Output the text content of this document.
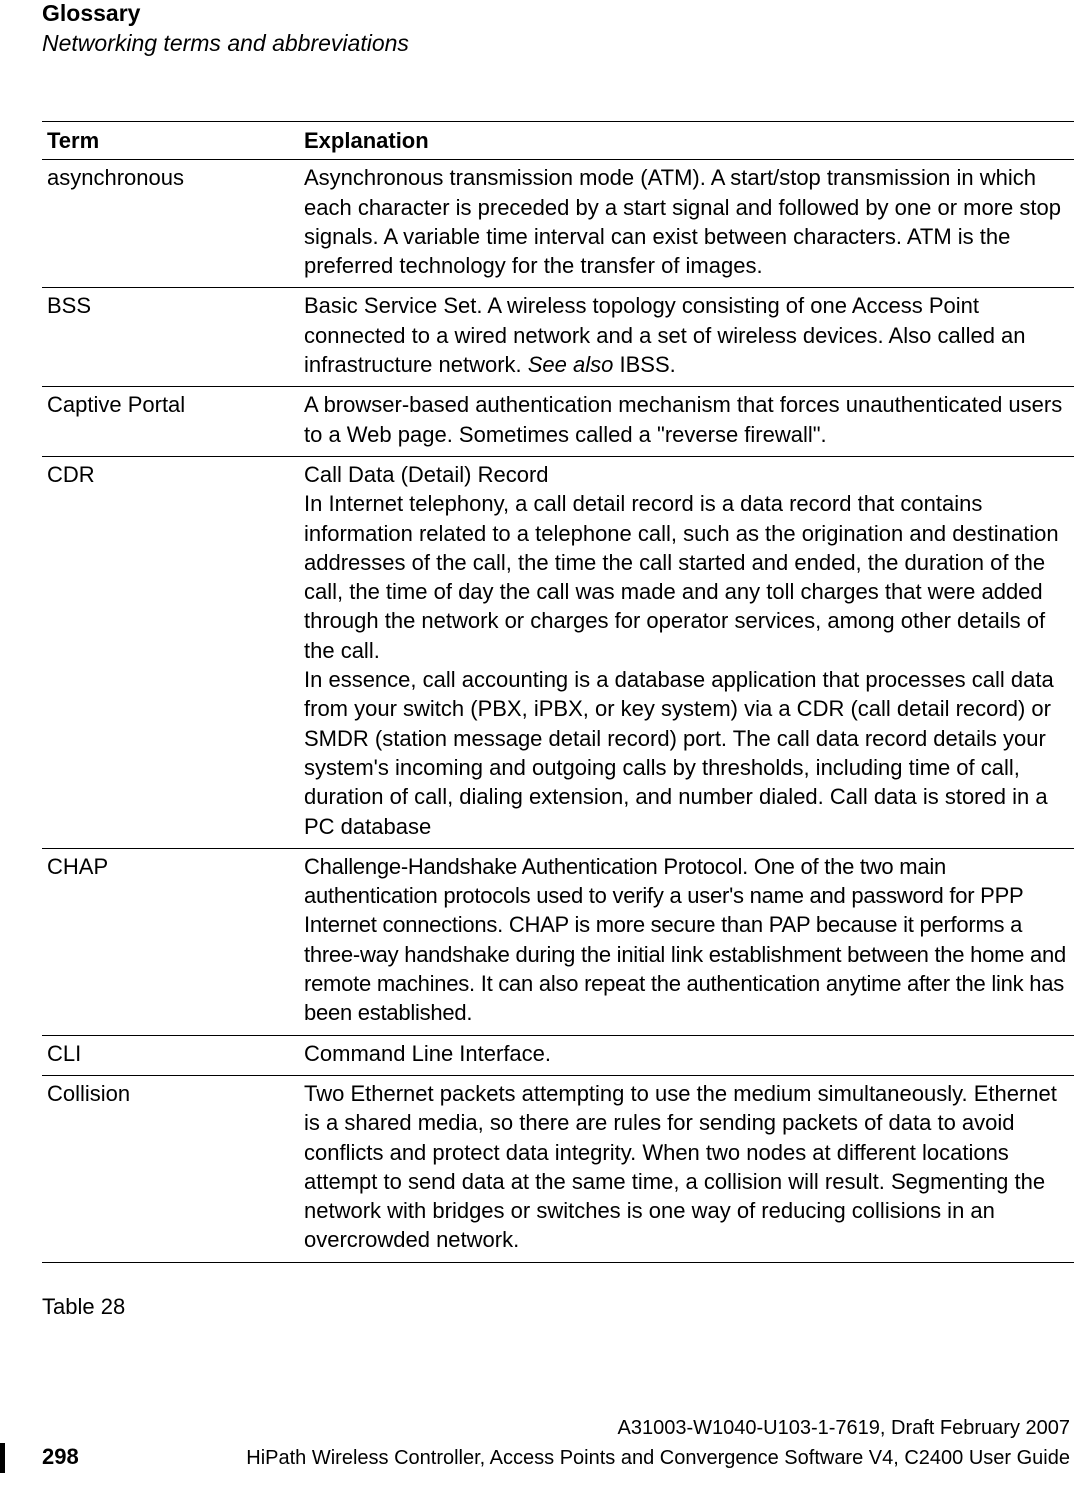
Glossary
Networking terms and abbreviations
Term	Explanation
asynchronous	Asynchronous transmission mode (ATM). A start/stop transmission in which each character is preceded by a start signal and followed by one or more stop signals. A variable time interval can exist between characters. ATM is the preferred technology for the transfer of images.
BSS	Basic Service Set. A wireless topology consisting of one Access Point connected to a wired network and a set of wireless devices. Also called an infrastructure network. See also IBSS.
Captive Portal	A browser-based authentication mechanism that forces unauthenticated users to a Web page. Sometimes called a "reverse firewall".
CDR	Call Data (Detail) Record

In Internet telephony, a call detail record is a data record that contains information related to a telephone call, such as the origination and destination addresses of the call, the time the call started and ended, the duration of the call, the time of day the call was made and any toll charges that were added through the network or charges for operator services, among other details of the call.

In essence, call accounting is a database application that processes call data from your switch (PBX, iPBX, or key system) via a CDR (call detail record) or SMDR (station message detail record) port. The call data record details your system's incoming and outgoing calls by thresholds, including time of call, duration of call, dialing extension, and number dialed. Call data is stored in a PC database

CHAP	Challenge-Handshake Authentication Protocol. One of the two main authentication protocols used to verify a user's name and password for PPP Internet connections. CHAP is more secure than PAP because it performs a three-way handshake during the initial link establishment between the home and remote machines. It can also repeat the authentication anytime after the link has been established.
CLI	Command Line Interface.
Collision	Two Ethernet packets attempting to use the medium simultaneously. Ethernet is a shared media, so there are rules for sending packets of data to avoid conflicts and protect data integrity. When two nodes at different locations attempt to send data at the same time, a collision will result. Segmenting the network with bridges or switches is one way of reducing collisions in an overcrowded network.
Table 28
298
A31003-W1040-U103-1-7619, Draft February 2007
HiPath Wireless Controller, Access Points and Convergence Software V4, C2400 User Guide
